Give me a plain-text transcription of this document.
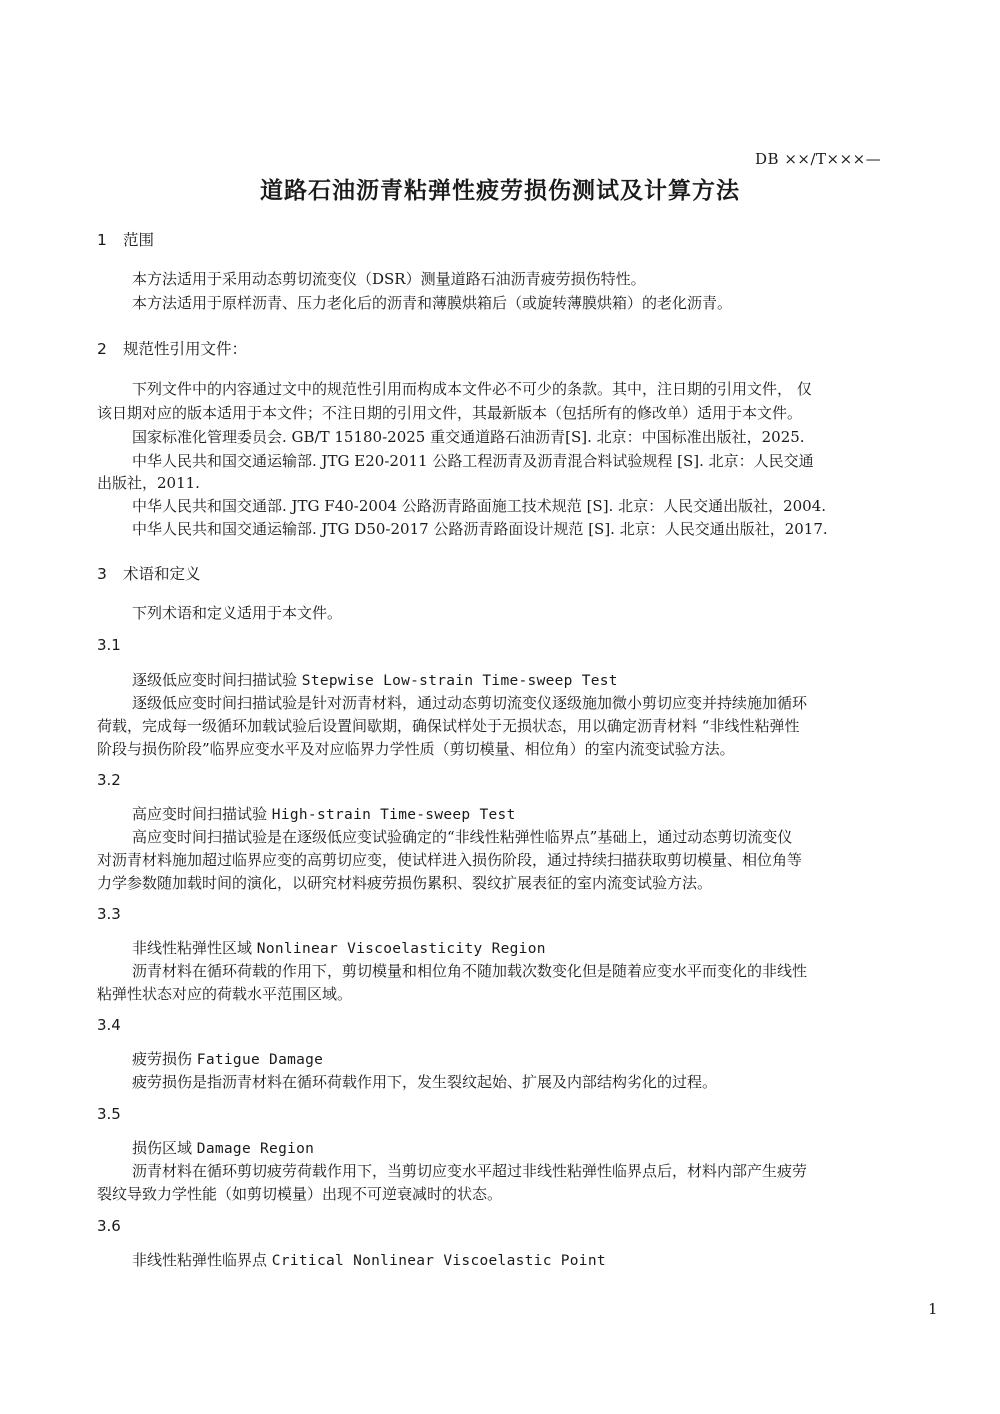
DB ××/T×××—
道路石油沥青粘弹性疲劳损伤测试及计算方法
1 范围
本方法适用于采用动态剪切流变仪（DSR）测量道路石油沥青疲劳损伤特性。
本方法适用于原样沥青、压力老化后的沥青和薄膜烘箱后（或旋转薄膜烘箱）的老化沥青。
2 规范性引用文件：
下列文件中的内容通过文中的规范性引用而构成本文件必不可少的条款。其中，注日期的引用文件， 仅
该日期对应的版本适用于本文件；不注日期的引用文件，其最新版本（包括所有的修改单）适用于本文件。
国家标准化管理委员会. GB/T 15180-2025 重交通道路石油沥青[S]. 北京：中国标准出版社，2025.
中华人民共和国交通运输部. JTG E20-2011 公路工程沥青及沥青混合料试验规程 [S]. 北京：人民交通
出版社，2011.
中华人民共和国交通部. JTG F40-2004 公路沥青路面施工技术规范 [S]. 北京：人民交通出版社，2004.
中华人民共和国交通运输部. JTG D50-2017 公路沥青路面设计规范 [S]. 北京：人民交通出版社，2017.
3 术语和定义
下列术语和定义适用于本文件。
3.1
逐级低应变时间扫描试验 Stepwise Low-strain Time-sweep Test
逐级低应变时间扫描试验是针对沥青材料，通过动态剪切流变仪逐级施加微小剪切应变并持续施加循环
荷载，完成每一级循环加载试验后设置间歇期，确保试样处于无损状态，用以确定沥青材料 “非线性粘弹性
阶段与损伤阶段”临界应变水平及对应临界力学性质（剪切模量、相位角）的室内流变试验方法。
3.2
高应变时间扫描试验 High-strain Time-sweep Test
高应变时间扫描试验是在逐级低应变试验确定的“非线性粘弹性临界点”基础上，通过动态剪切流变仪
对沥青材料施加超过临界应变的高剪切应变，使试样进入损伤阶段，通过持续扫描获取剪切模量、相位角等
力学参数随加载时间的演化，以研究材料疲劳损伤累积、裂纹扩展表征的室内流变试验方法。
3.3
非线性粘弹性区域 Nonlinear Viscoelasticity Region
沥青材料在循环荷载的作用下，剪切模量和相位角不随加载次数变化但是随着应变水平而变化的非线性
粘弹性状态对应的荷载水平范围区域。
3.4
疲劳损伤 Fatigue Damage
疲劳损伤是指沥青材料在循环荷载作用下，发生裂纹起始、扩展及内部结构劣化的过程。
3.5
损伤区域 Damage Region
沥青材料在循环剪切疲劳荷载作用下，当剪切应变水平超过非线性粘弹性临界点后，材料内部产生疲劳
裂纹导致力学性能（如剪切模量）出现不可逆衰减时的状态。
3.6
非线性粘弹性临界点 Critical Nonlinear Viscoelastic Point
1
